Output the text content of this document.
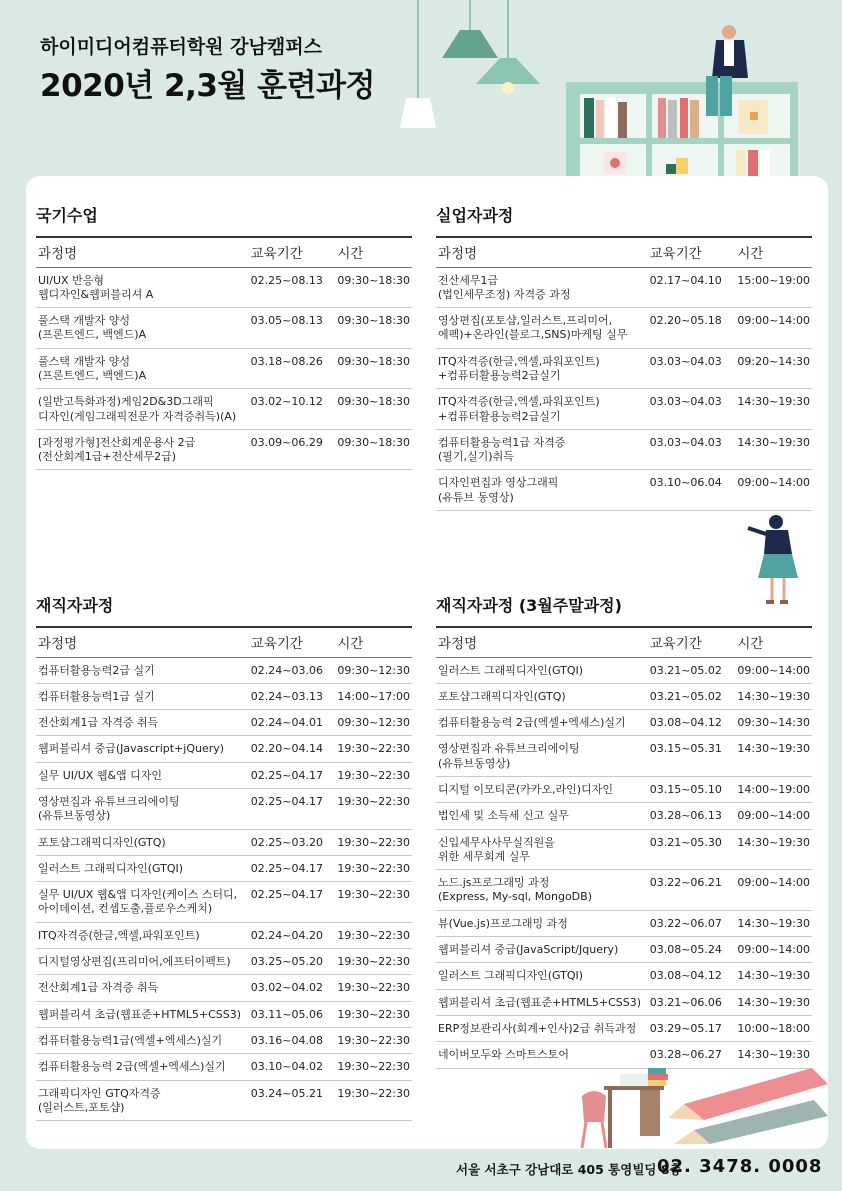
하이미디어컴퓨터학원 강남캠퍼스
2020년 2,3월 훈련과정
국기수업
과정명	교육기간	시간
UI/UX 반응형
웹디자인&웹퍼블리셔 A	02.25~08.13	09:30~18:30
풀스택 개발자 양성
(프론트엔드, 백엔드)A	03.05~08.13	09:30~18:30
풀스택 개발자 양성
(프론트엔드, 백엔드)A	03.18~08.26	09:30~18:30
(일반고특화과정)게임2D&3D그래픽
디자인(게임그래픽전문가 자격증취득)(A)	03.02~10.12	09:30~18:30
[과정평가형]전산회계운용사 2급
(전산회계1급+전산세무2급)	03.09~06.29	09:30~18:30
실업자과정
과정명	교육기간	시간
전산세무1급
(법인세무조정) 자격증 과정	02.17~04.10	15:00~19:00
영상편집(포토샵,일러스트,프리미어,
에펙)+온라인(블로그,SNS)마케팅 실무	02.20~05.18	09:00~14:00
ITQ자격증(한글,엑셀,파워포인트)
+컴퓨터활용능력2급실기	03.03~04.03	09:20~14:30
ITQ자격증(한글,엑셀,파워포인트)
+컴퓨터활용능력2급실기	03.03~04.03	14:30~19:30
컴퓨터활용능력1급 자격증
(필기,실기)취득	03.03~04.03	14:30~19:30
디자인편집과 영상그래픽
(유튜브 동영상)	03.10~06.04	09:00~14:00
재직자과정
과정명	교육기간	시간
컴퓨터활용능력2급 실기	02.24~03.06	09:30~12:30
컴퓨터활용능력1급 실기	02.24~03.13	14:00~17:00
전산회계1급 자격증 취득	02.24~04.01	09:30~12:30
웹퍼블리셔 중급(Javascript+jQuery)	02.20~04.14	19:30~22:30
실무 UI/UX 웹&앱 디자인	02.25~04.17	19:30~22:30
영상편집과 유튜브크리에이팅
(유튜브동영상)	02.25~04.17	19:30~22:30
포토샵그래픽디자인(GTQ)	02.25~03.20	19:30~22:30
일러스트 그래픽디자인(GTQI)	02.25~04.17	19:30~22:30
실무 UI/UX 웹&앱 디자인(케이스 스터디,
아이데이션, 컨셉도출,플로우스케치)	02.25~04.17	19:30~22:30
ITQ자격증(한글,엑셀,파워포인트)	02.24~04.20	19:30~22:30
디지털영상편집(프리미어,에프터이펙트)	03.25~05.20	19:30~22:30
전산회계1급 자격증 취득	03.02~04.02	19:30~22:30
웹퍼블리셔 초급(웹표준+HTML5+CSS3)	03.11~05.06	19:30~22:30
컴퓨터활용능력1급(엑셀+엑세스)실기	03.16~04.08	19:30~22:30
컴퓨터활용능력 2급(엑셀+엑세스)실기	03.10~04.02	19:30~22:30
그래픽디자인 GTQ자격증
(일러스트,포토샵)	03.24~05.21	19:30~22:30
재직자과정 (3월주말과정)
과정명	교육기간	시간
일러스트 그래픽디자인(GTQI)	03.21~05.02	09:00~14:00
포토샵그래픽디자인(GTQ)	03.21~05.02	14:30~19:30
컴퓨터활용능력 2급(엑셀+엑세스)실기	03.08~04.12	09:30~14:30
영상편집과 유튜브크리에이팅
(유튜브동영상)	03.15~05.31	14:30~19:30
디지털 이모티콘(카카오,라인)디자인	03.15~05.10	14:00~19:00
법인세 및 소득세 신고 실무	03.28~06.13	09:00~14:00
신입세무사사무실직원을
위한 세무회계 실무	03.21~05.30	14:30~19:30
노드.js프로그래밍 과정
(Express, My-sql, MongoDB)	03.22~06.21	09:00~14:00
뷰(Vue.js)프로그래밍 과정	03.22~06.07	14:30~19:30
웹퍼블리셔 중급(JavaScript/Jquery)	03.08~05.24	09:00~14:00
일러스트 그래픽디자인(GTQI)	03.08~04.12	14:30~19:30
웹퍼블리셔 초급(웹표준+HTML5+CSS3)	03.21~06.06	14:30~19:30
ERP정보관리사(회계+인사)2급 취득과정	03.29~05.17	10:00~18:00
네이버모두와 스마트스토어	03.28~06.27	14:30~19:30
서울 서초구 강남대로 405 통영빌딩 8층
02. 3478. 0008
